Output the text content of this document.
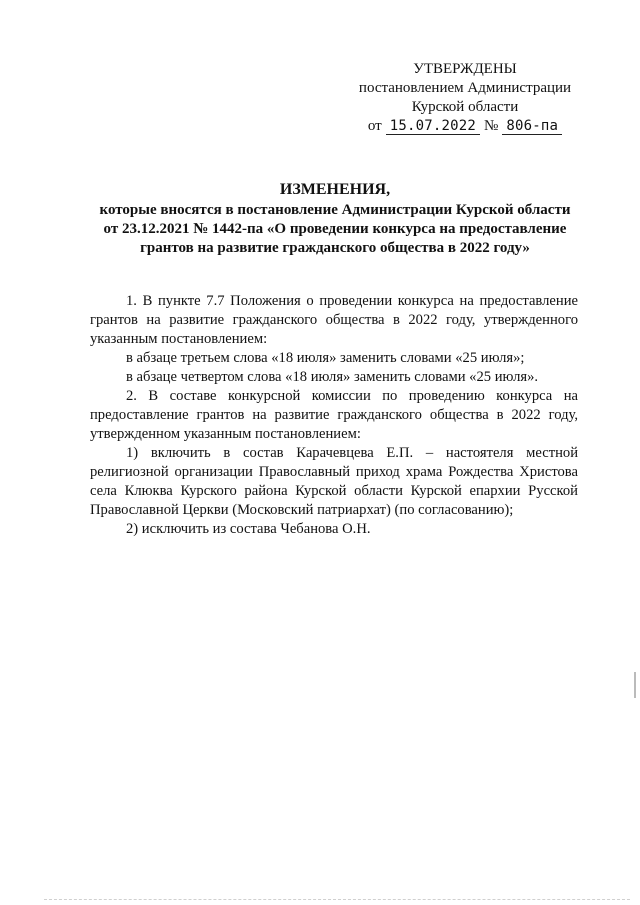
УТВЕРЖДЕНЫ
постановлением Администрации
Курской области
от 15.07.2022 № 806-па
ИЗМЕНЕНИЯ,
которые вносятся в постановление Администрации Курской области
от 23.12.2021 № 1442-па «О проведении конкурса на предоставление
грантов на развитие гражданского общества в 2022 году»

1. В пункте 7.7 Положения о проведении конкурса на предоставление грантов на развитие гражданского общества в 2022 году, утвержденного указанным постановлением:

в абзаце третьем слова «18 июля» заменить словами «25 июля»;

в абзаце четвертом слова «18 июля» заменить словами «25 июля».

2. В составе конкурсной комиссии по проведению конкурса на предоставление грантов на развитие гражданского общества в 2022 году, утвержденном указанным постановлением:

1) включить в состав Карачевцева Е.П. – настоятеля местной религиозной организации Православный приход храма Рождества Христова села Клюква Курского района Курской области Курской епархии Русской Православной Церкви (Московский патриархат) (по согласованию);

2) исключить из состава Чебанова О.Н.
